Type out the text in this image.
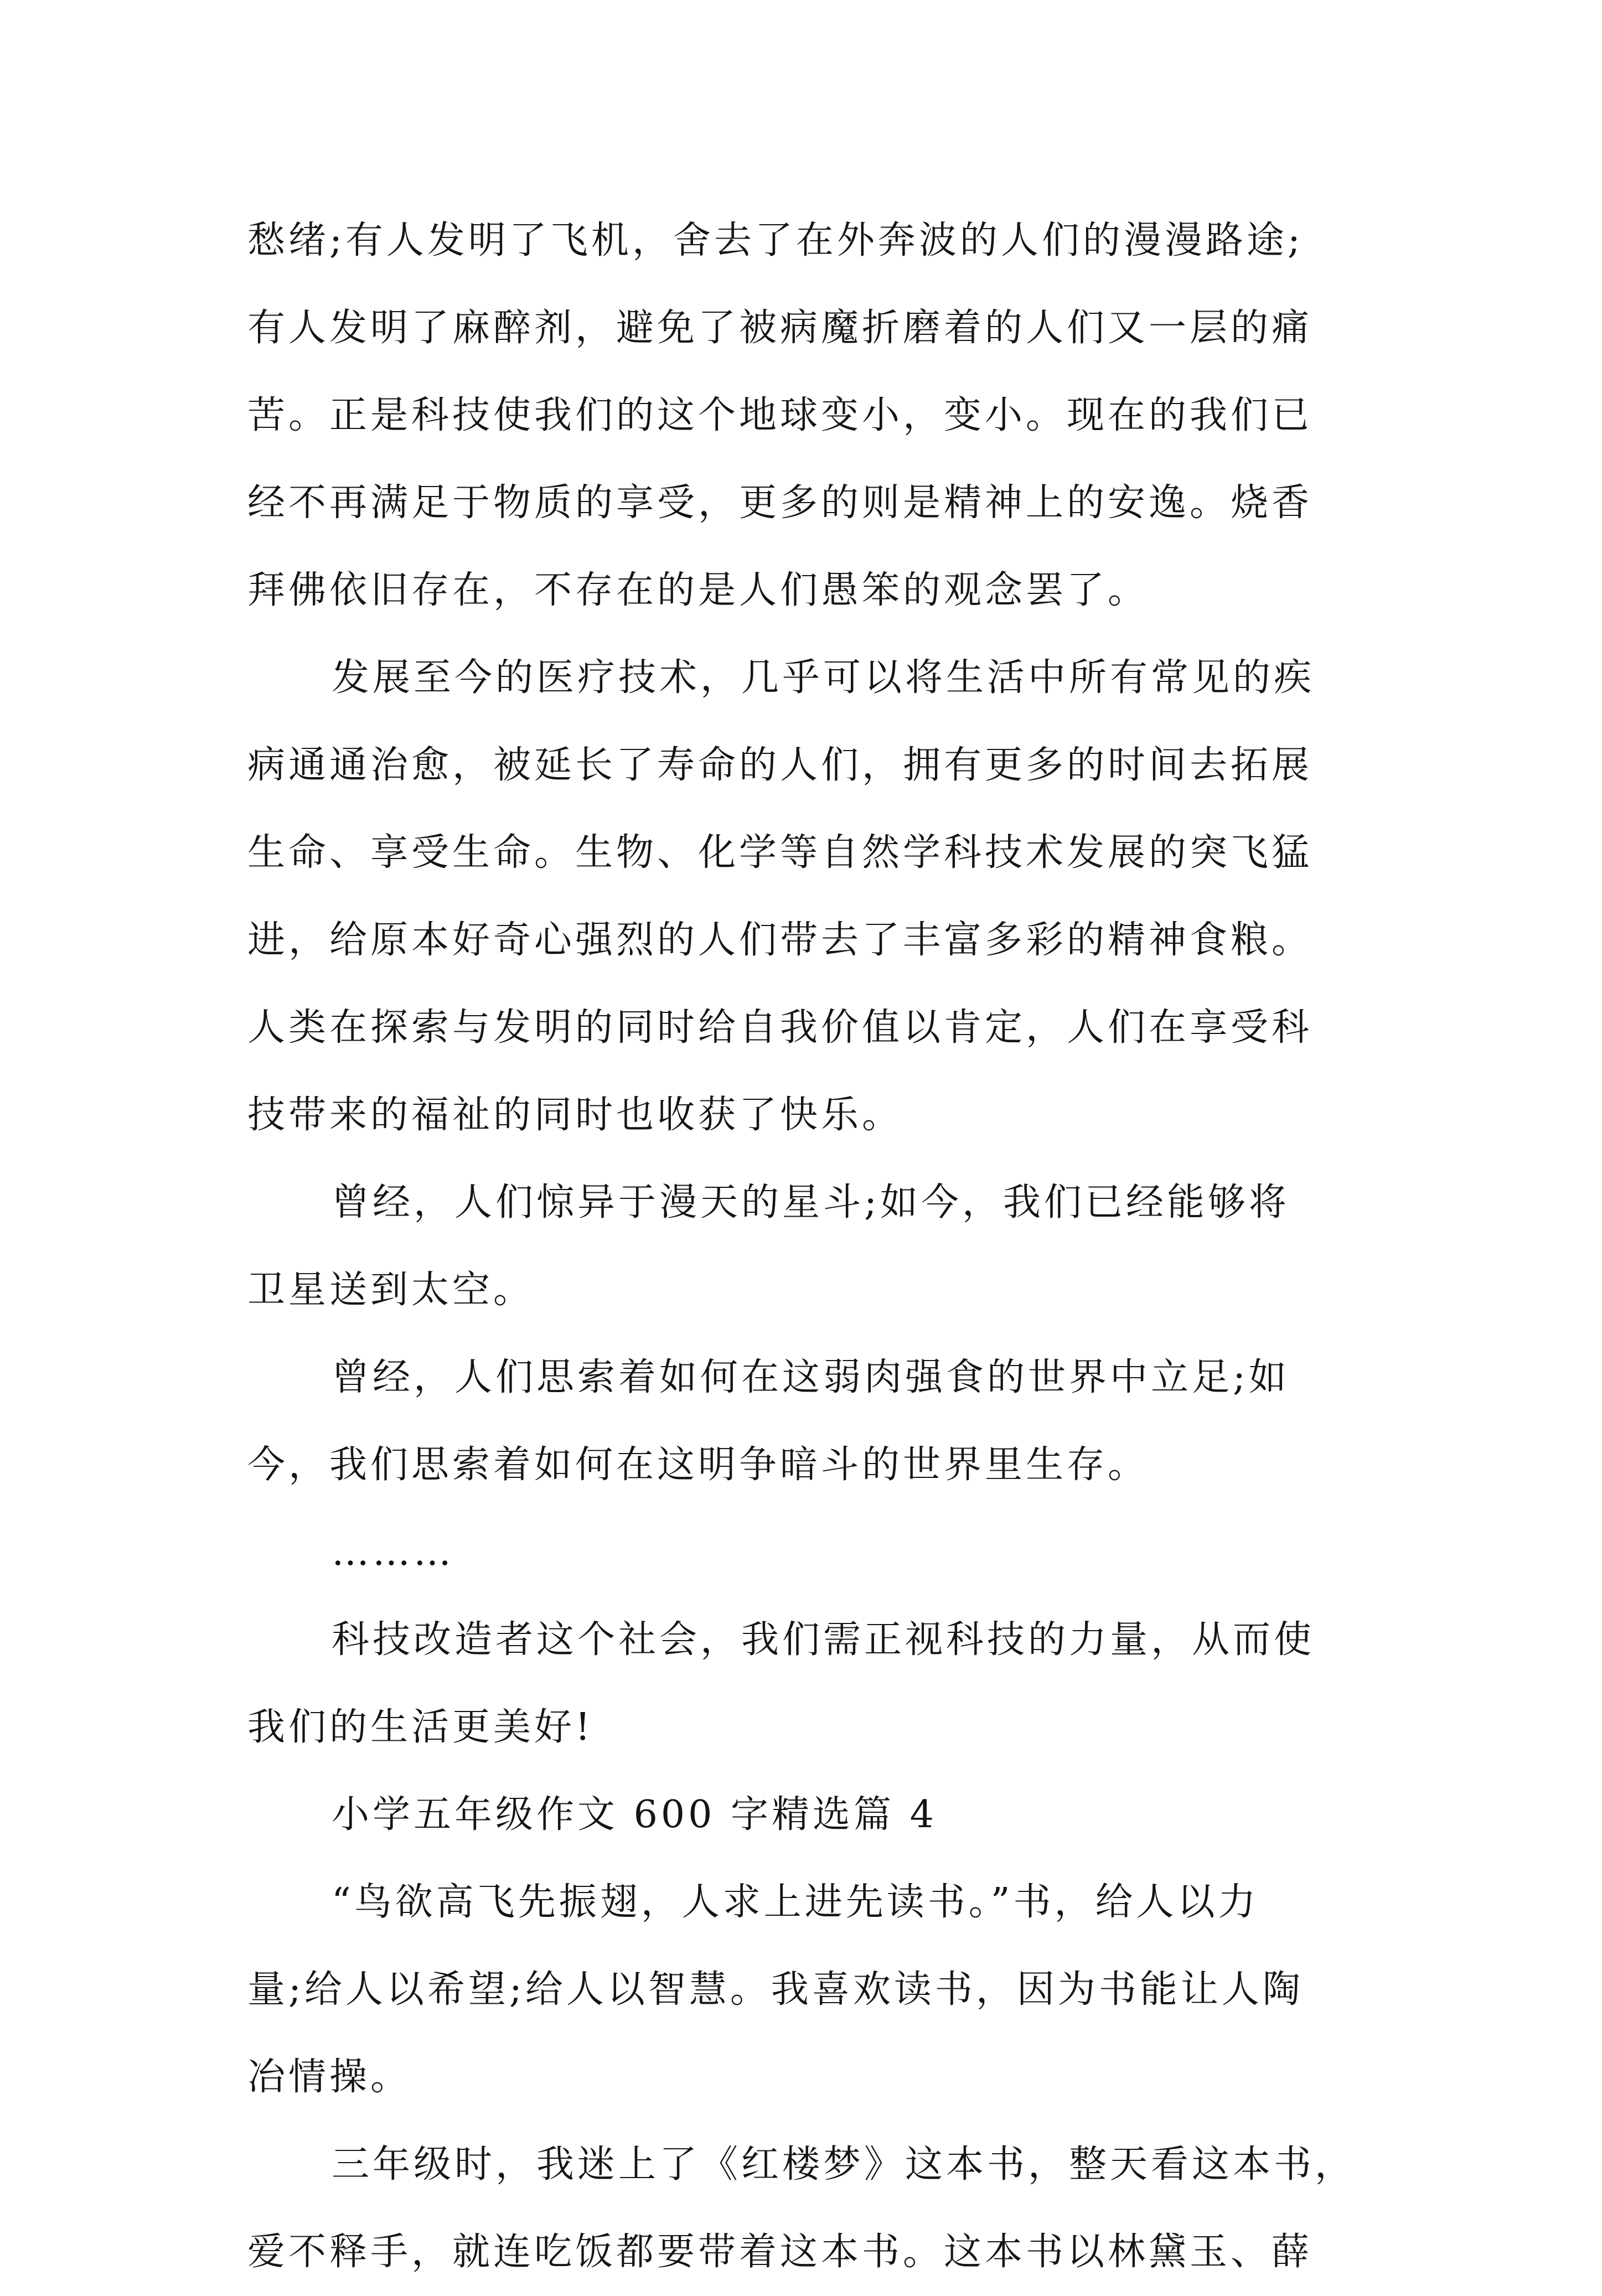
愁绪;有人发明了飞机，舍去了在外奔波的人们的漫漫路途;
有人发明了麻醉剂，避免了被病魔折磨着的人们又一层的痛
苦。正是科技使我们的这个地球变小，变小。现在的我们已
经不再满足于物质的享受，更多的则是精神上的安逸。烧香
拜佛依旧存在，不存在的是人们愚笨的观念罢了。
发展至今的医疗技术，几乎可以将生活中所有常见的疾
病通通治愈，被延长了寿命的人们，拥有更多的时间去拓展
生命、享受生命。生物、化学等自然学科技术发展的突飞猛
进，给原本好奇心强烈的人们带去了丰富多彩的精神食粮。
人类在探索与发明的同时给自我价值以肯定，人们在享受科
技带来的福祉的同时也收获了快乐。
曾经，人们惊异于漫天的星斗;如今，我们已经能够将
卫星送到太空。
曾经，人们思索着如何在这弱肉强食的世界中立足;如
今，我们思索着如何在这明争暗斗的世界里生存。
………
科技改造者这个社会，我们需正视科技的力量，从而使
我们的生活更美好!
小学五年级作文 600 字精选篇 4
“鸟欲高飞先振翅，人求上进先读书。”书，给人以力
量;给人以希望;给人以智慧。我喜欢读书，因为书能让人陶
冶情操。
三年级时，我迷上了《红楼梦》这本书，整天看这本书，
爱不释手，就连吃饭都要带着这本书。这本书以林黛玉、薛
